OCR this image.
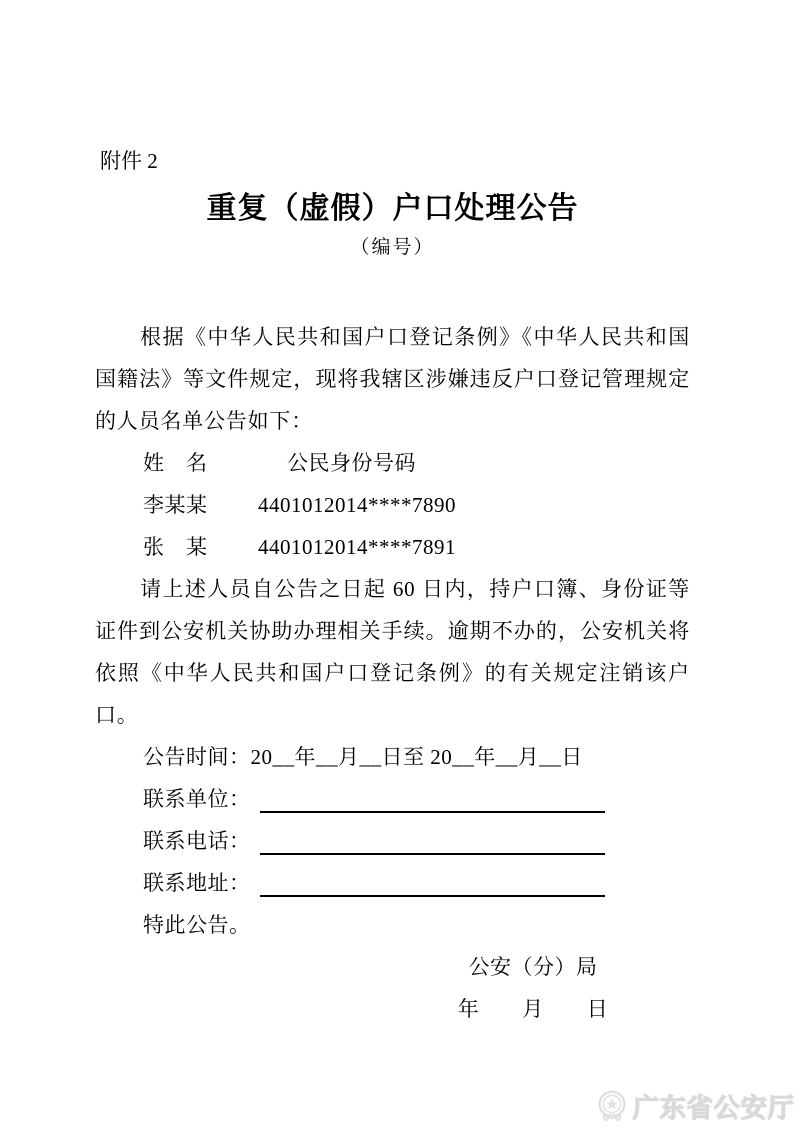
附件 2
重复（虚假）户口处理公告
（编号）

根据《中华人民共和国户口登记条例》《中华人民共和国国籍法》等文件规定，现将我辖区涉嫌违反户口登记管理规定的人员名单公告如下：

姓　名	公民身份号码
李某某	4401012014****7890
张　某	4401012014****7891

请上述人员自公告之日起 60 日内，持户口簿、身份证等证件到公安机关协助办理相关手续。逾期不办的，公安机关将依照《中华人民共和国户口登记条例》的有关规定注销该户口。

公告时间：20__年__月__日至 20__年__月__日
联系单位：
联系电话：
联系地址：
特此公告。
公安（分）局
年　　月　　日
广东省公安厅
